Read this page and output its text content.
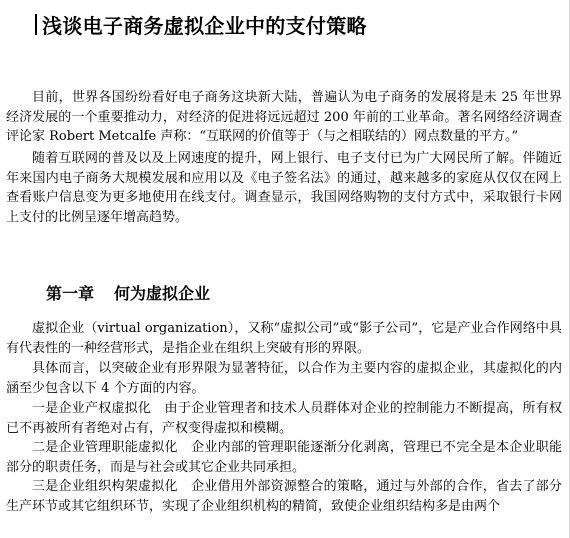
浅谈电子商务虚拟企业中的支付策略

目前，世界各国纷纷看好电子商务这块新大陆，普遍认为电子商务的发展将是未 25 年世界经济发展的一个重要推动力，对经济的促进将远远超过 200 年前的工业革命。著名网络经济调查评论家 Robert Metcalfe 声称：“互联网的价值等于（与之相联结的）网点数量的平方。”

随着互联网的普及以及上网速度的提升，网上银行、电子支付已为广大网民所了解。伴随近年来国内电子商务大规模发展和应用以及《电子签名法》的通过，越来越多的家庭从仅仅在网上查看账户信息变为更多地使用在线支付。调查显示，我国网络购物的支付方式中，采取银行卡网上支付的比例呈逐年增高趋势。

第一章 何为虚拟企业

虚拟企业（virtual organization），又称“虚拟公司”或“影子公司”，它是产业合作网络中具有代表性的一种经营形式，是指企业在组织上突破有形的界限。

具体而言，以突破企业有形界限为显著特征，以合作为主要内容的虚拟企业，其虚拟化的内涵至少包含以下 4 个方面的内容。

一是企业产权虚拟化　由于企业管理者和技术人员群体对企业的控制能力不断提高，所有权已不再被所有者绝对占有，产权变得虚拟和模糊。

二是企业管理职能虚拟化　企业内部的管理职能逐渐分化剥离，管理已不完全是本企业职能部分的职责任务，而是与社会或其它企业共同承担。

三是企业组织构架虚拟化　企业借用外部资源整合的策略，通过与外部的合作，省去了部分生产环节或其它组织环节，实现了企业组织机构的精简，致使企业组织结构多是由两个
